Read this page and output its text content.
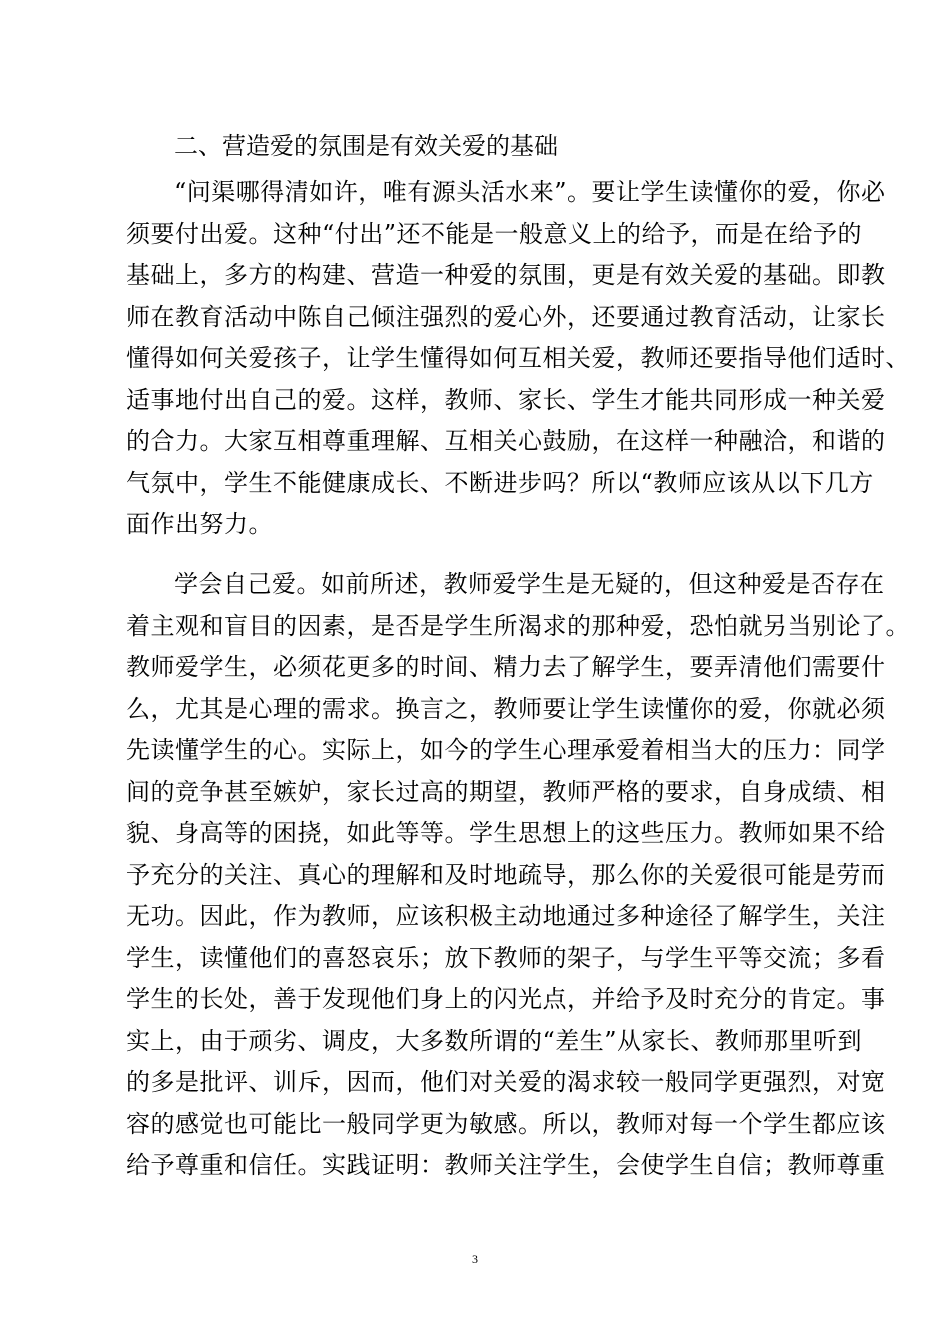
二、营造爱的氛围是有效关爱的基础

“问渠哪得清如许，唯有源头活水来”。要让学生读懂你的爱，你必
须要付出爱。这种“付出”还不能是一般意义上的给予，而是在给予的
基础上，多方的构建、营造一种爱的氛围，更是有效关爱的基础。即教
师在教育活动中陈自己倾注强烈的爱心外，还要通过教育活动，让家长
懂得如何关爱孩子，让学生懂得如何互相关爱，教师还要指导他们适时、
适事地付出自己的爱。这样，教师、家长、学生才能共同形成一种关爱
的合力。大家互相尊重理解、互相关心鼓励，在这样一种融洽，和谐的
气氛中，学生不能健康成长、不断进步吗？所以“教师应该从以下几方
面作出努力。

学会自己爱。如前所述，教师爱学生是无疑的，但这种爱是否存在
着主观和盲目的因素，是否是学生所渴求的那种爱，恐怕就另当别论了。
教师爱学生，必须花更多的时间、精力去了解学生，要弄清他们需要什
么，尤其是心理的需求。换言之，教师要让学生读懂你的爱，你就必须
先读懂学生的心。实际上，如今的学生心理承爱着相当大的压力：同学
间的竞争甚至嫉妒，家长过高的期望，教师严格的要求，自身成绩、相
貌、身高等的困挠，如此等等。学生思想上的这些压力。教师如果不给
予充分的关注、真心的理解和及时地疏导，那么你的关爱很可能是劳而
无功。因此，作为教师，应该积极主动地通过多种途径了解学生，关注
学生，读懂他们的喜怒哀乐；放下教师的架子，与学生平等交流；多看
学生的长处，善于发现他们身上的闪光点，并给予及时充分的肯定。事
实上，由于顽劣、调皮，大多数所谓的“差生”从家长、教师那里听到
的多是批评、训斥，因而，他们对关爱的渴求较一般同学更强烈，对宽
容的感觉也可能比一般同学更为敏感。所以，教师对每一个学生都应该
给予尊重和信任。实践证明：教师关注学生，会使学生自信；教师尊重

3
